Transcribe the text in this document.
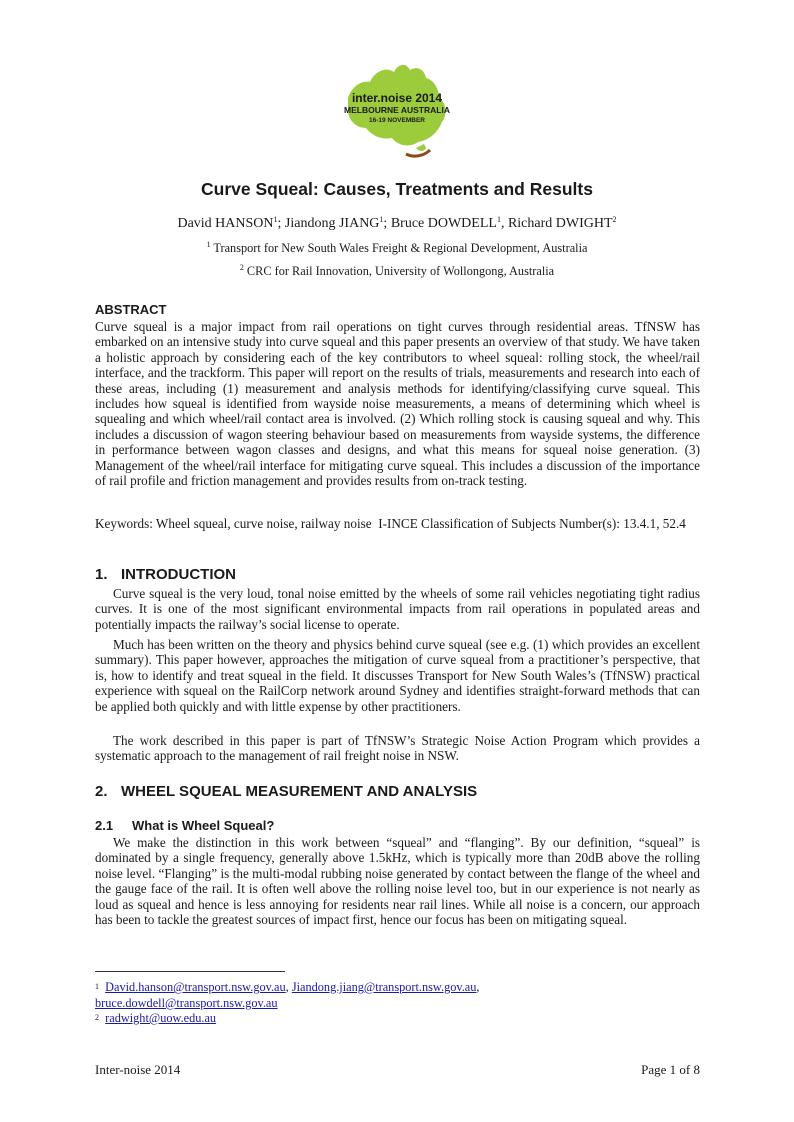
inter.noise 2014
MELBOURNE AUSTRALIA
16-19 NOVEMBER
Curve Squeal: Causes, Treatments and Results
David HANSON$^1$; Jiandong JIANG$^1$; Bruce DOWDELL$^1$, Richard DWIGHT$^2$
$^1$ Transport for New South Wales Freight & Regional Development, Australia
$^2$ CRC for Rail Innovation, University of Wollongong, Australia
ABSTRACT

Curve squeal is a major impact from rail operations on tight curves through residential areas. TfNSW has embarked on an intensive study into curve squeal and this paper presents an overview of that study. We have taken a holistic approach by considering each of the key contributors to wheel squeal: rolling stock, the wheel/rail interface, and the trackform. This paper will report on the results of trials, measurements and research into each of these areas, including (1) measurement and analysis methods for identifying/classifying curve squeal. This includes how squeal is identified from wayside noise measurements, a means of determining which wheel is squealing and which wheel/rail contact area is involved. (2) Which rolling stock is causing squeal and why. This includes a discussion of wagon steering behaviour based on measurements from wayside systems, the difference in performance between wagon classes and designs, and what this means for squeal noise generation. (3) Management of the wheel/rail interface for mitigating curve squeal. This includes a discussion of the importance of rail profile and friction management and provides results from on-track testing.

Keywords: Wheel squeal, curve noise, railway noise I-INCE Classification of Subjects Number(s): 13.4.1, 52.4

1. INTRODUCTION

Curve squeal is the very loud, tonal noise emitted by the wheels of some rail vehicles negotiating tight radius curves. It is one of the most significant environmental impacts from rail operations in populated areas and potentially impacts the railway’s social license to operate.

Much has been written on the theory and physics behind curve squeal (see e.g. (1) which provides an excellent summary). This paper however, approaches the mitigation of curve squeal from a practitioner’s perspective, that is, how to identify and treat squeal in the field. It discusses Transport for New South Wales’s (TfNSW) practical experience with squeal on the RailCorp network around Sydney and identifies straight-forward methods that can be applied both quickly and with little expense by other practitioners.

The work described in this paper is part of TfNSW’s Strategic Noise Action Program which provides a systematic approach to the management of rail freight noise in NSW.

2. WHEEL SQUEAL MEASUREMENT AND ANALYSIS
2.1 What is Wheel Squeal?

We make the distinction in this work between “squeal” and “flanging”. By our definition, “squeal” is dominated by a single frequency, generally above 1.5kHz, which is typically more than 20dB above the rolling noise level. “Flanging” is the multi-modal rubbing noise generated by contact between the flange of the wheel and the gauge face of the rail. It is often well above the rolling noise level too, but in our experience is not nearly as loud as squeal and hence is less annoying for residents near rail lines. While all noise is a concern, our approach has been to tackle the greatest sources of impact first, hence our focus has been on mitigating squeal.

$^1$ David.hanson@transport.nsw.gov.au, Jiandong.jiang@transport.nsw.gov.au,
bruce.dowdell@transport.nsw.gov.au
$^2$ radwight@uow.edu.au
Inter-noise 2014	Page 1 of 8
